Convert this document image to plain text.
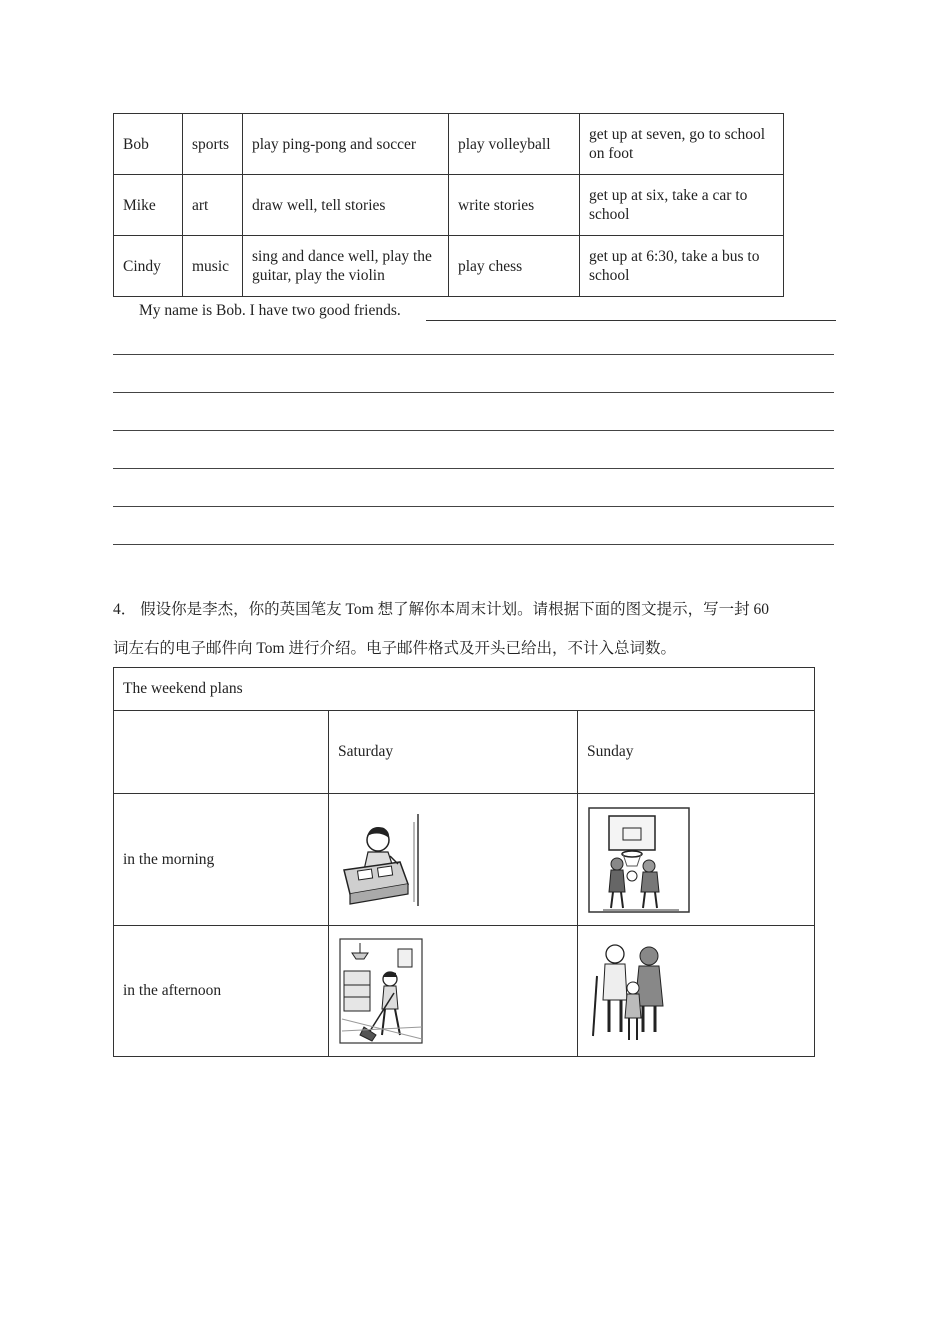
Bob	sports	play ping-pong and soccer	play volleyball	get up at seven, go to school on foot
Mike	art	draw well, tell stories	write stories	get up at six, take a car to school
Cindy	music	sing and dance well, play the guitar, play the violin	play chess	get up at 6:30, take a bus to school
My name is Bob. I have two good friends.
4． 假设你是李杰，你的英国笔友 Tom 想了解你本周末计划。请根据下面的图文提示，写一封 60
词左右的电子邮件向 Tom 进行介绍。电子邮件格式及开头已给出，不计入总词数。
The weekend plans		
	Saturday	Sunday
in the morning	

in the afternoon	
